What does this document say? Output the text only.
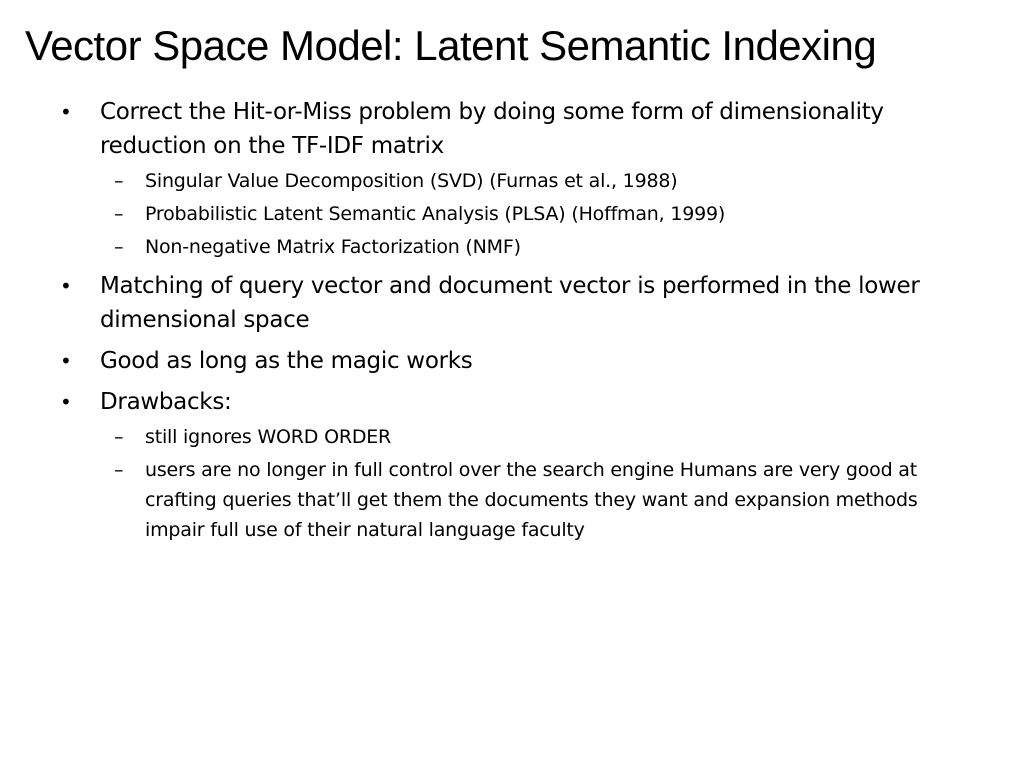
Vector Space Model: Latent Semantic Indexing
• Correct the Hit-or-Miss problem by doing some form of dimensionality reduction on the TF-IDF matrix
– Singular Value Decomposition (SVD) (Furnas et al., 1988)
– Probabilistic Latent Semantic Analysis (PLSA) (Hoffman, 1999)
– Non-negative Matrix Factorization (NMF)
• Matching of query vector and document vector is performed in the lower dimensional space
• Good as long as the magic works
• Drawbacks:
– still ignores WORD ORDER
– users are no longer in full control over the search engine Humans are very good at crafting queries that’ll get them the documents they want and expansion methods impair full use of their natural language faculty
